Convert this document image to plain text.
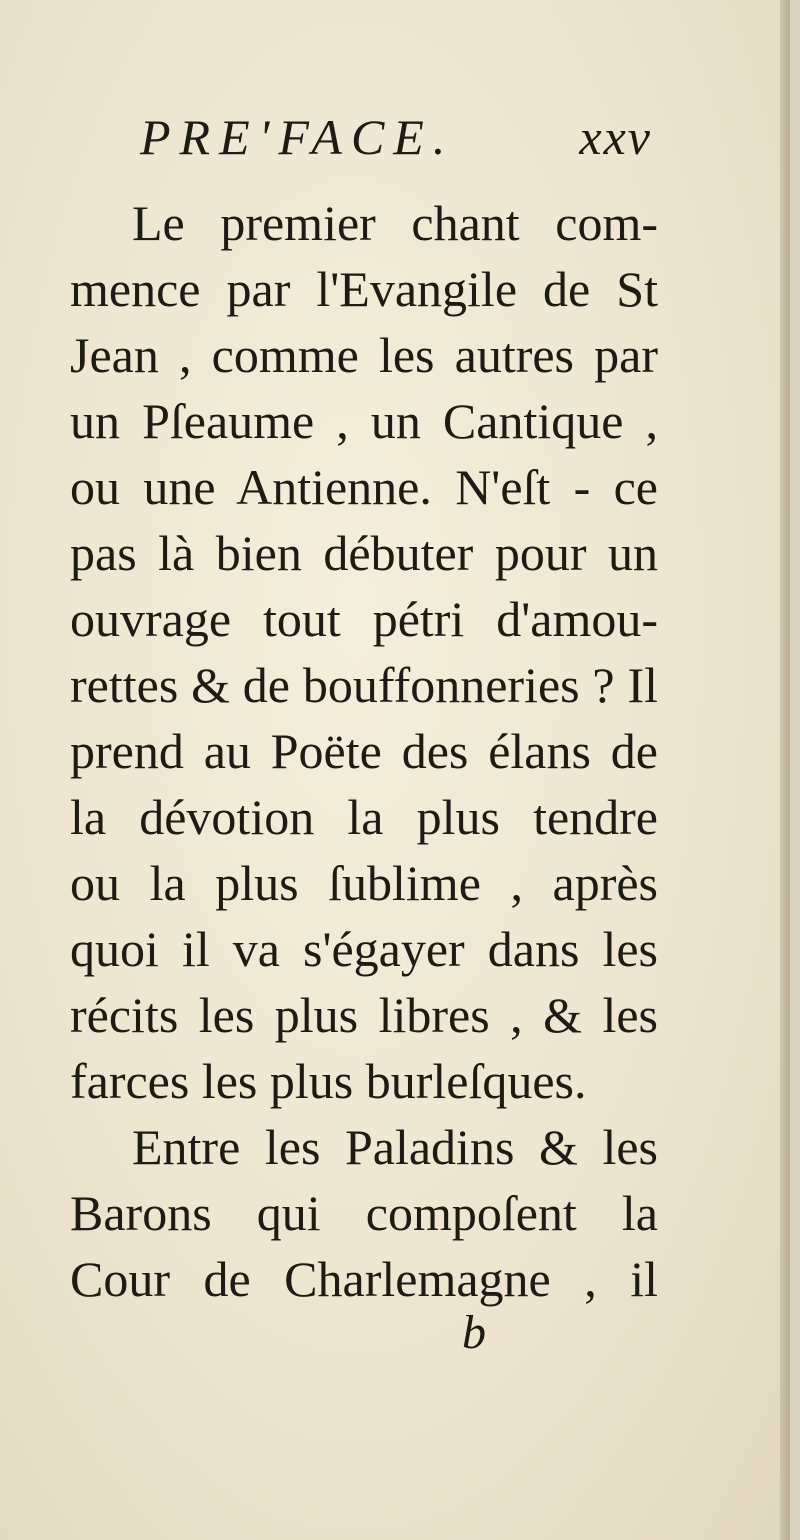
PRE'FACE.	xxv
Le premier chant com-
mence par l'Evangile de St
Jean , comme les autres par
un Pſeaume , un Cantique ,
ou une Antienne. N'eſt - ce
pas là bien débuter pour un
ouvrage tout pétri d'amou-
rettes & de bouffonneries ? Il
prend au Poëte des élans de
la dévotion la plus tendre
ou la plus ſublime , après
quoi il va s'égayer dans les
récits les plus libres , & les
farces les plus burleſques.
Entre les Paladins & les
Barons qui compoſent la
Cour de Charlemagne , il
b
